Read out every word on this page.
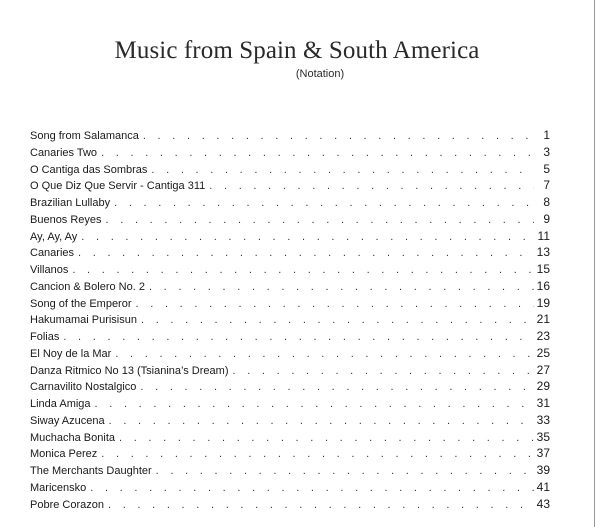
Music from Spain & South America
(Notation)
Song from Salamanca . . .	1
Canaries Two . . .	3
O Cantiga das Sombras . . .	5
O Que Diz Que Servir - Cantiga 311 . . .	7
Brazilian Lullaby . . .	8
Buenos Reyes . . .	9
Ay, Ay, Ay . . .	11
Canaries . . .	13
Villanos . . .	15
Cancion & Bolero No. 2 . . .	16
Song of the Emperor . . .	19
Hakumamai Purisisun . . .	21
Folias . . .	23
El Noy de la Mar . . .	25
Danza Ritmico No 13 (Tsianina’s Dream) . . .	27
Carnavilito Nostalgico . . .	29
Linda Amiga . . .	31
Siway Azucena . . .	33
Muchacha Bonita . . .	35
Monica Perez . . .	37
The Merchants Daughter . . .	39
Maricensko . . .	41
Pobre Corazon . . .	43
